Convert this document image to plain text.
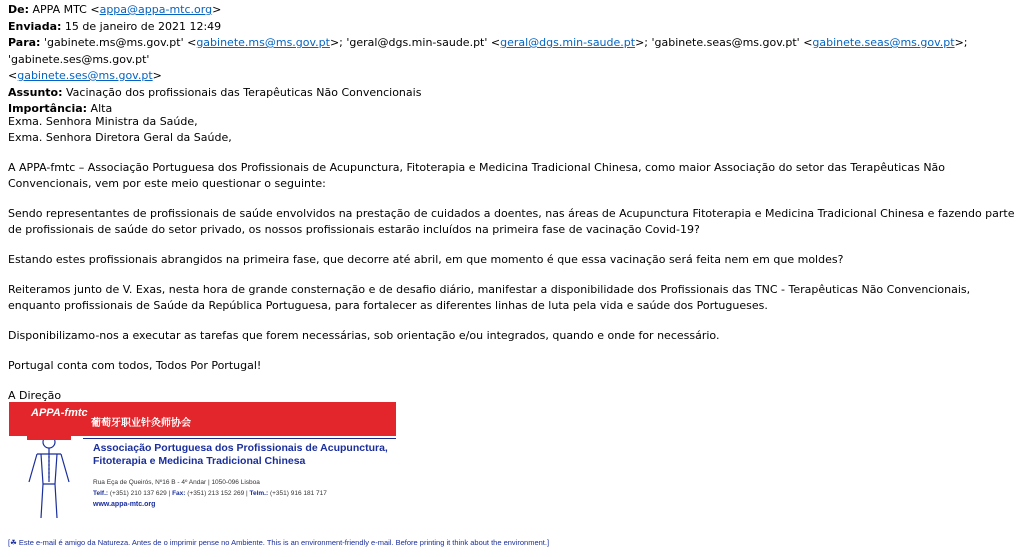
De: APPA MTC <appa@appa-mtc.org>
Enviada: 15 de janeiro de 2021 12:49
Para: 'gabinete.ms@ms.gov.pt' <gabinete.ms@ms.gov.pt>; 'geral@dgs.min-saude.pt' <geral@dgs.min-saude.pt>; 'gabinete.seas@ms.gov.pt' <gabinete.seas@ms.gov.pt>; 'gabinete.ses@ms.gov.pt'
<gabinete.ses@ms.gov.pt>
Assunto: Vacinação dos profissionais das Terapêuticas Não Convencionais
Importância: Alta

Exma. Senhora Ministra da Saúde,

Exma. Senhora Diretora Geral da Saúde,

A APPA-fmtc – Associação Portuguesa dos Profissionais de Acupunctura, Fitoterapia e Medicina Tradicional Chinesa, como maior Associação do setor das Terapêuticas Não Convencionais, vem por este meio questionar o seguinte:

Sendo representantes de profissionais de saúde envolvidos na prestação de cuidados a doentes, nas áreas de Acupunctura Fitoterapia e Medicina Tradicional Chinesa e fazendo parte de profissionais de saúde do setor privado, os nossos profissionais estarão incluídos na primeira fase de vacinação Covid-19?

Estando estes profissionais abrangidos na primeira fase, que decorre até abril, em que momento é que essa vacinação será feita nem em que moldes?

Reiteramos junto de V. Exas, nesta hora de grande consternação e de desafio diário, manifestar a disponibilidade dos Profissionais das TNC - Terapêuticas Não Convencionais, enquanto profissionais de Saúde da República Portuguesa, para fortalecer as diferentes linhas de luta pela vida e saúde dos Portugueses.

Disponibilizamo-nos a executar as tarefas que forem necessárias, sob orientação e/ou integrados, quando e onde for necessário.

Portugal conta com todos, Todos Por Portugal!

A Direção

APPA-fmtc
葡萄牙职业针灸师协会
Associação Portuguesa dos Profissionais de Acupunctura,
Fitoterapia e Medicina Tradicional Chinesa
Rua Eça de Queirós, Nº16 B - 4º Andar | 1050-096 Lisboa
Telf.: (+351) 210 137 629 | Fax: (+351) 213 152 269 | Telm.: (+351) 916 181 717
www.appa-mtc.org
[☘ Este e-mail é amigo da Natureza. Antes de o imprimir pense no Ambiente. This is an environment-friendly e-mail. Before printing it think about the environment.]
